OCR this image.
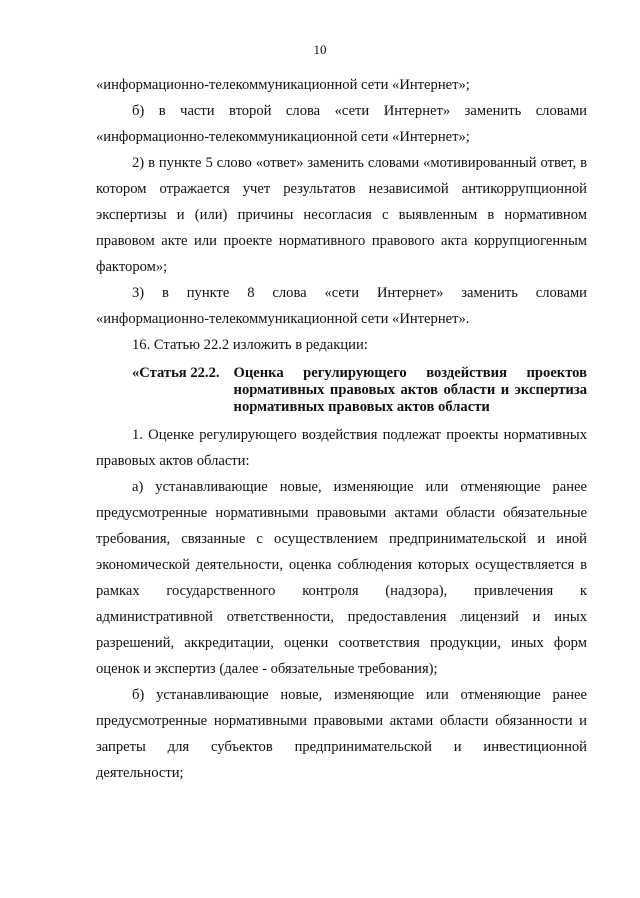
10

«информационно-телекоммуникационной сети «Интернет»;

б) в части второй слова «сети Интернет» заменить словами «информационно-телекоммуникационной сети «Интернет»;

2) в пункте 5 слово «ответ» заменить словами «мотивированный ответ, в котором отражается учет результатов независимой антикоррупционной экспертизы и (или) причины несогласия с выявленным в нормативном правовом акте или проекте нормативного правового акта коррупциогенным фактором»;

3) в пункте 8 слова «сети Интернет» заменить словами «информационно-телекоммуникационной сети «Интернет».

16. Статью 22.2 изложить в редакции:

«Статья 22.2. Оценка регулирующего воздействия проектов нормативных правовых актов области и экспертиза нормативных правовых актов области

1. Оценке регулирующего воздействия подлежат проекты нормативных правовых актов области:

а) устанавливающие новые, изменяющие или отменяющие ранее предусмотренные нормативными правовыми актами области обязательные требования, связанные с осуществлением предпринимательской и иной экономической деятельности, оценка соблюдения которых осуществляется в рамках государственного контроля (надзора), привлечения к административной ответственности, предоставления лицензий и иных разрешений, аккредитации, оценки соответствия продукции, иных форм оценок и экспертиз (далее - обязательные требования);

б) устанавливающие новые, изменяющие или отменяющие ранее предусмотренные нормативными правовыми актами области обязанности и запреты для субъектов предпринимательской и инвестиционной деятельности;
